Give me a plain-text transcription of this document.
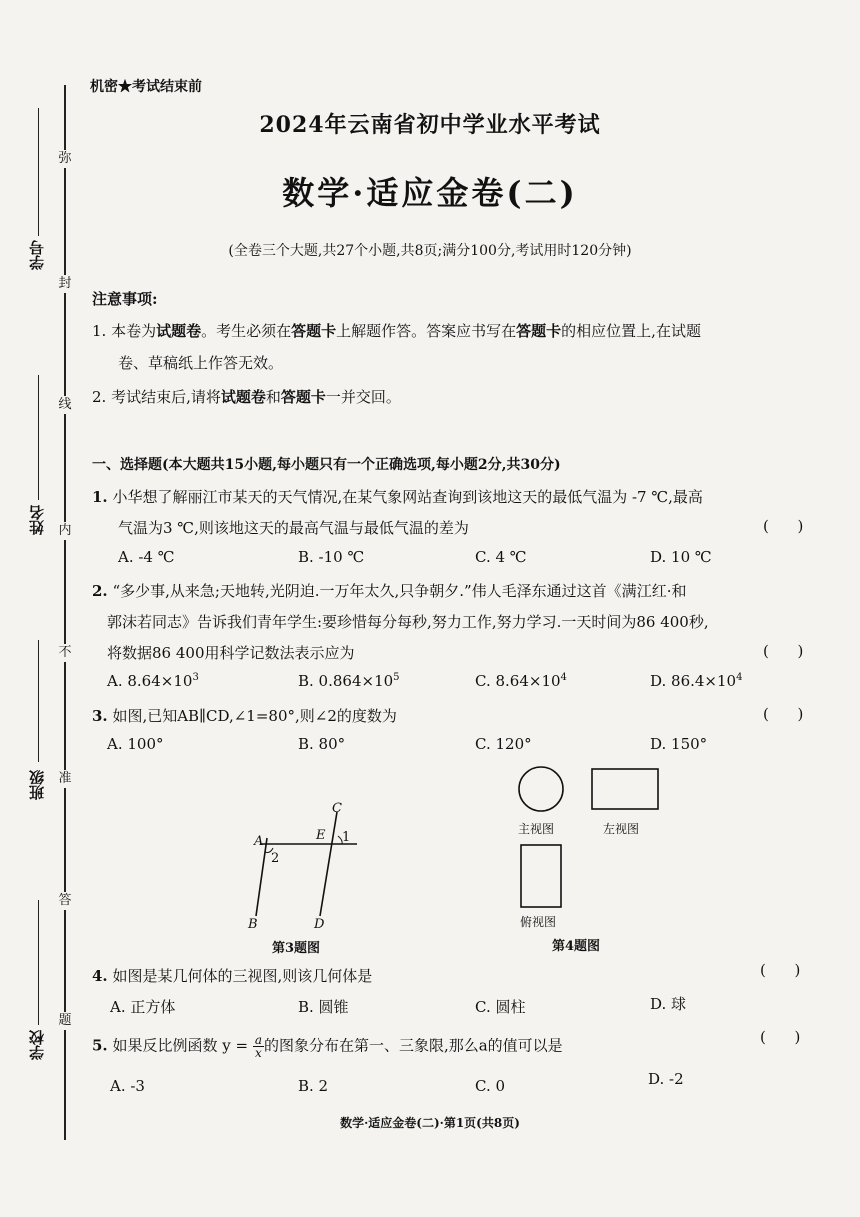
弥
封
线
内
不
准
答
题
学号
姓名
班级
学校
机密★考试结束前
2024年云南省初中学业水平考试
数学·适应金卷(二)
(全卷三个大题,共27个小题,共8页;满分100分,考试用时120分钟)
注意事项:
1. 本卷为试题卷。考生必须在答题卡上解题作答。答案应书写在答题卡的相应位置上,在试题
卷、草稿纸上作答无效。
2. 考试结束后,请将试题卷和答题卡一并交回。
一、选择题(本大题共15小题,每小题只有一个正确选项,每小题2分,共30分)
1. 小华想了解丽江市某天的天气情况,在某气象网站查询到该地这天的最低气温为 -7 ℃,最高
气温为3 ℃,则该地这天的最高气温与最低气温的差为	(      )
A. -4 ℃	B. -10 ℃	C. 4 ℃	D. 10 ℃
2. “多少事,从来急;天地转,光阴迫.一万年太久,只争朝夕.”伟人毛泽东通过这首《满江红·和
郭沫若同志》告诉我们青年学生:要珍惜每分每秒,努力工作,努力学习.一天时间为86 400秒,
将数据86 400用科学记数法表示应为	(      )
A. $8.64\times 10^3$	B. $0.864\times 10^5$	C. $8.64\times 10^4$	D. $86.4\times 10^4$
3. 如图,已知AB∥CD,∠1=80°,则∠2的度数为	(      )
A. 100°	B. 80°	C. 120°	D. 150°
C
A	E 1
2
B	D
第3题图
主视图	左视图
俯视图
第4题图
4. 如图是某几何体的三视图,则该几何体是	(      )
A. 正方体	B. 圆锥	C. 圆柱	D. 球
5. 如果反比例函数 $y = \frac{a}{x}$ 的图象分布在第一、三象限,那么a的值可以是	(      )
A. -3	B. 2	C. 0	D. -2
数学·适应金卷(二)·第1页(共8页)
